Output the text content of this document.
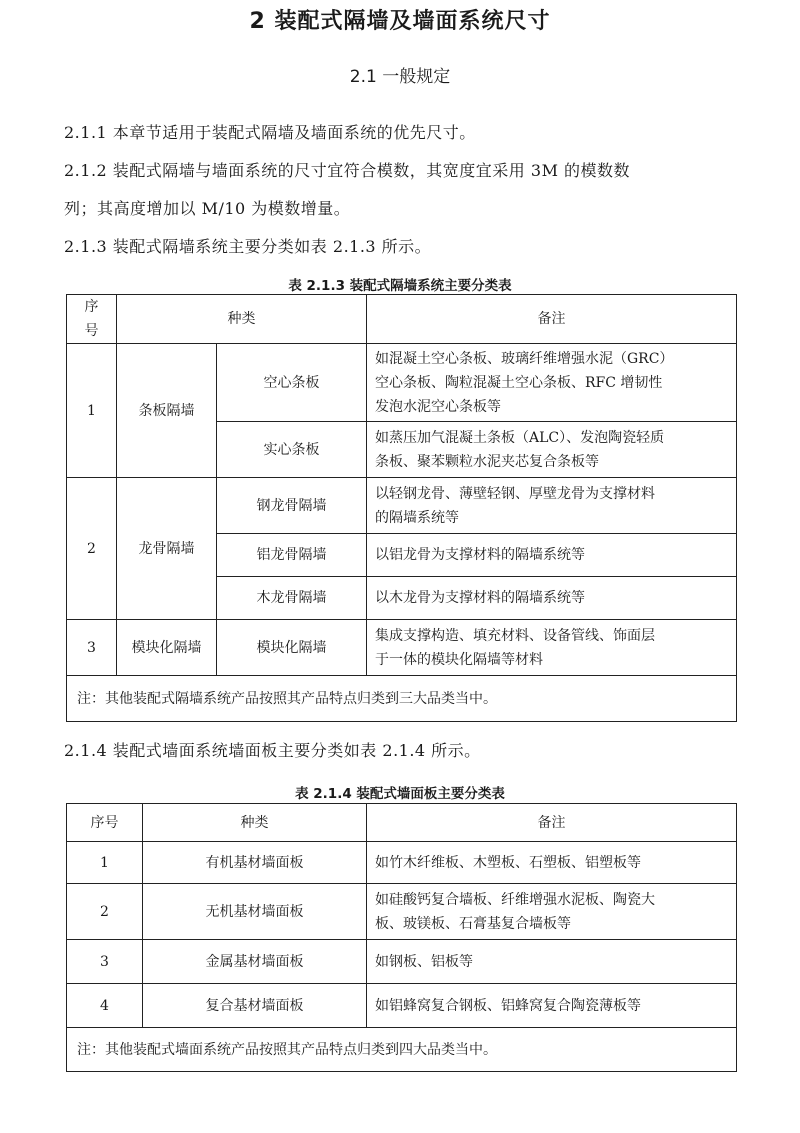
2 装配式隔墙及墙面系统尺寸
2.1 一般规定
2.1.1 本章节适用于装配式隔墙及墙面系统的优先尺寸。
2.1.2 装配式隔墙与墙面系统的尺寸宜符合模数，其宽度宜采用 3M 的模数数
列；其高度增加以 M/10 为模数增量。
2.1.3 装配式隔墙系统主要分类如表 2.1.3 所示。
表 2.1.3 装配式隔墙系统主要分类表
序
号	种类		备注
1	条板隔墙	空心条板	如混凝土空心条板、玻璃纤维增强水泥（GRC）
空心条板、陶粒混凝土空心条板、RFC 增韧性
发泡水泥空心条板等
		实心条板	如蒸压加气混凝土条板（ALC）、发泡陶瓷轻质
条板、聚苯颗粒水泥夹芯复合条板等
2	龙骨隔墙	钢龙骨隔墙	以轻钢龙骨、薄壁轻钢、厚壁龙骨为支撑材料
的隔墙系统等
		铝龙骨隔墙	以铝龙骨为支撑材料的隔墙系统等
		木龙骨隔墙	以木龙骨为支撑材料的隔墙系统等
3	模块化隔墙	模块化隔墙	集成支撑构造、填充材料、设备管线、饰面层
于一体的模块化隔墙等材料
注：其他装配式隔墙系统产品按照其产品特点归类到三大品类当中。			
2.1.4 装配式墙面系统墙面板主要分类如表 2.1.4 所示。
表 2.1.4 装配式墙面板主要分类表
序号	种类	备注
1	有机基材墙面板	如竹木纤维板、木塑板、石塑板、铝塑板等
2	无机基材墙面板	如硅酸钙复合墙板、纤维增强水泥板、陶瓷大
板、玻镁板、石膏基复合墙板等
3	金属基材墙面板	如钢板、铝板等
4	复合基材墙面板	如铝蜂窝复合钢板、铝蜂窝复合陶瓷薄板等
注：其他装配式墙面系统产品按照其产品特点归类到四大品类当中。		
